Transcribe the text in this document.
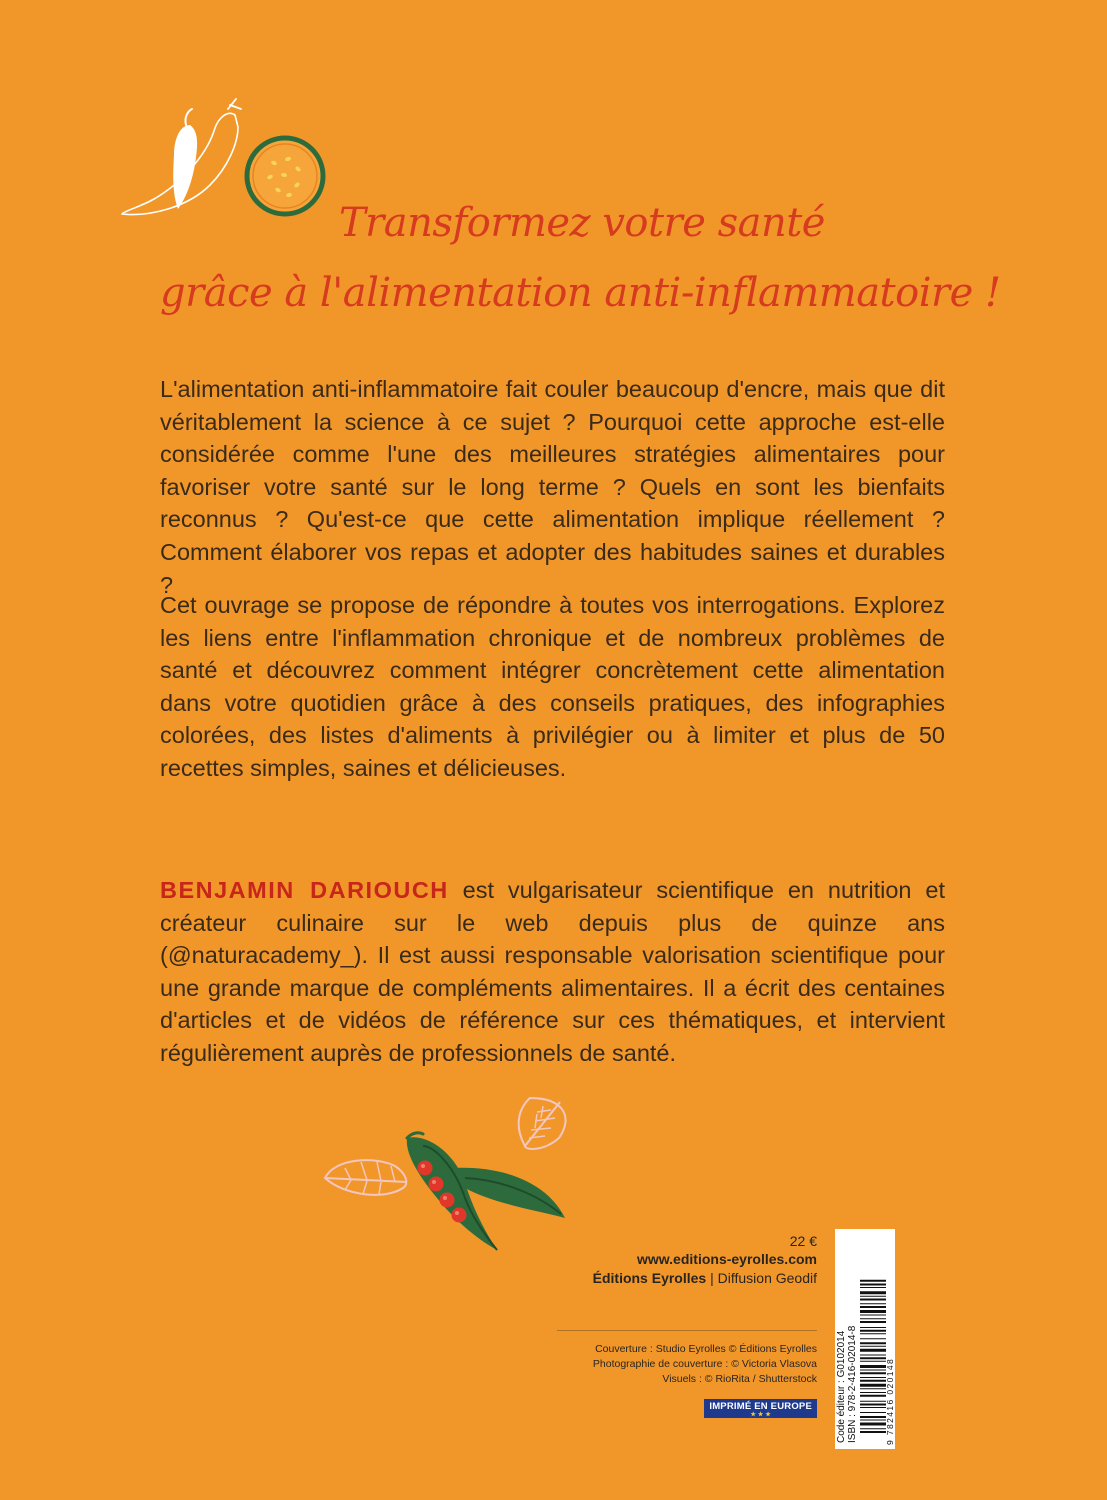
Transformez votre santé
grâce à l'alimentation anti-inflammatoire !

L'alimentation anti-inflammatoire fait couler beaucoup d'encre, mais que dit véritablement la science à ce sujet ? Pourquoi cette approche est-elle considérée comme l'une des meilleures stratégies alimentaires pour favoriser votre santé sur le long terme ? Quels en sont les bienfaits reconnus ? Qu'est-ce que cette alimentation implique réellement ? Comment élaborer vos repas et adopter des habitudes saines et durables ?

Cet ouvrage se propose de répondre à toutes vos interrogations. Explorez les liens entre l'inflammation chronique et de nombreux problèmes de santé et découvrez comment intégrer concrètement cette alimentation dans votre quotidien grâce à des conseils pratiques, des infographies colorées, des listes d'aliments à privilégier ou à limiter et plus de 50 recettes simples, saines et délicieuses.

BENJAMIN DARIOUCH est vulgarisateur scientifique en nutrition et créateur culinaire sur le web depuis plus de quinze ans (@naturacademy_). Il est aussi responsable valorisation scientifique pour une grande marque de compléments alimentaires. Il a écrit des centaines d'articles et de vidéos de référence sur ces thématiques, et intervient régulièrement auprès de professionnels de santé.

22 €
www.editions-eyrolles.com
Éditions Eyrolles | Diffusion Geodif
Couverture : Studio Eyrolles © Éditions Eyrolles
Photographie de couverture : © Victoria Vlasova
Visuels : © RioRita / Shutterstock
IMPRIMÉ EN EUROPE
★ ★ ★	Code éditeur : G0102014 ISBN : 978-2-416-02014-8	9 782416 020148
